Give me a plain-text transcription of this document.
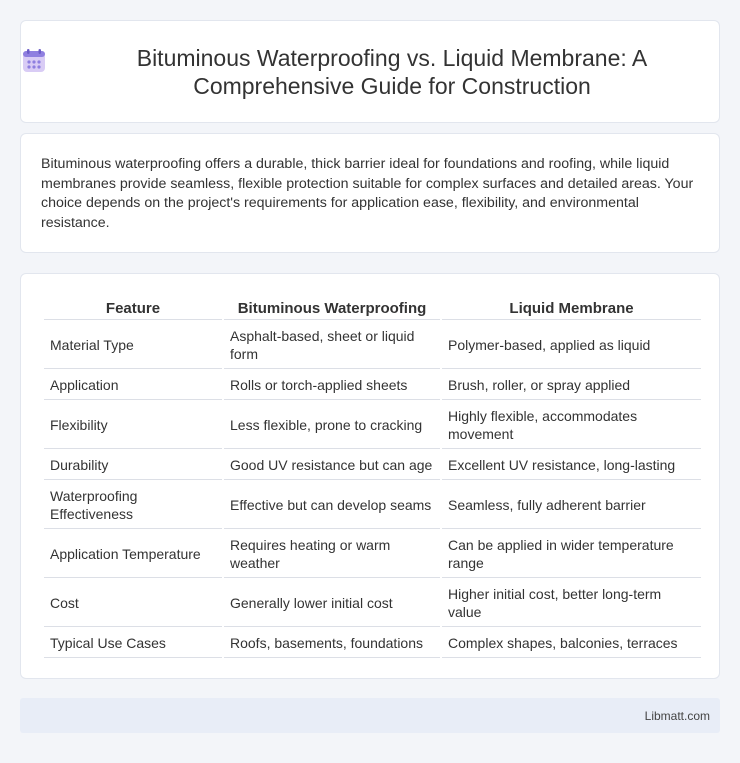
Bituminous Waterproofing vs. Liquid Membrane: A Comprehensive Guide for Construction

Bituminous waterproofing offers a durable, thick barrier ideal for foundations and roofing, while liquid membranes provide seamless, flexible protection suitable for complex surfaces and detailed areas. Your choice depends on the project's requirements for application ease, flexibility, and environmental resistance.

Feature	Bituminous Waterproofing	Liquid Membrane
Material Type	Asphalt-based, sheet or liquid form	Polymer-based, applied as liquid
Application	Rolls or torch-applied sheets	Brush, roller, or spray applied
Flexibility	Less flexible, prone to cracking	Highly flexible, accommodates movement
Durability	Good UV resistance but can age	Excellent UV resistance, long-lasting
Waterproofing Effectiveness	Effective but can develop seams	Seamless, fully adherent barrier
Application Temperature	Requires heating or warm weather	Can be applied in wider temperature range
Cost	Generally lower initial cost	Higher initial cost, better long-term value
Typical Use Cases	Roofs, basements, foundations	Complex shapes, balconies, terraces
Libmatt.com
